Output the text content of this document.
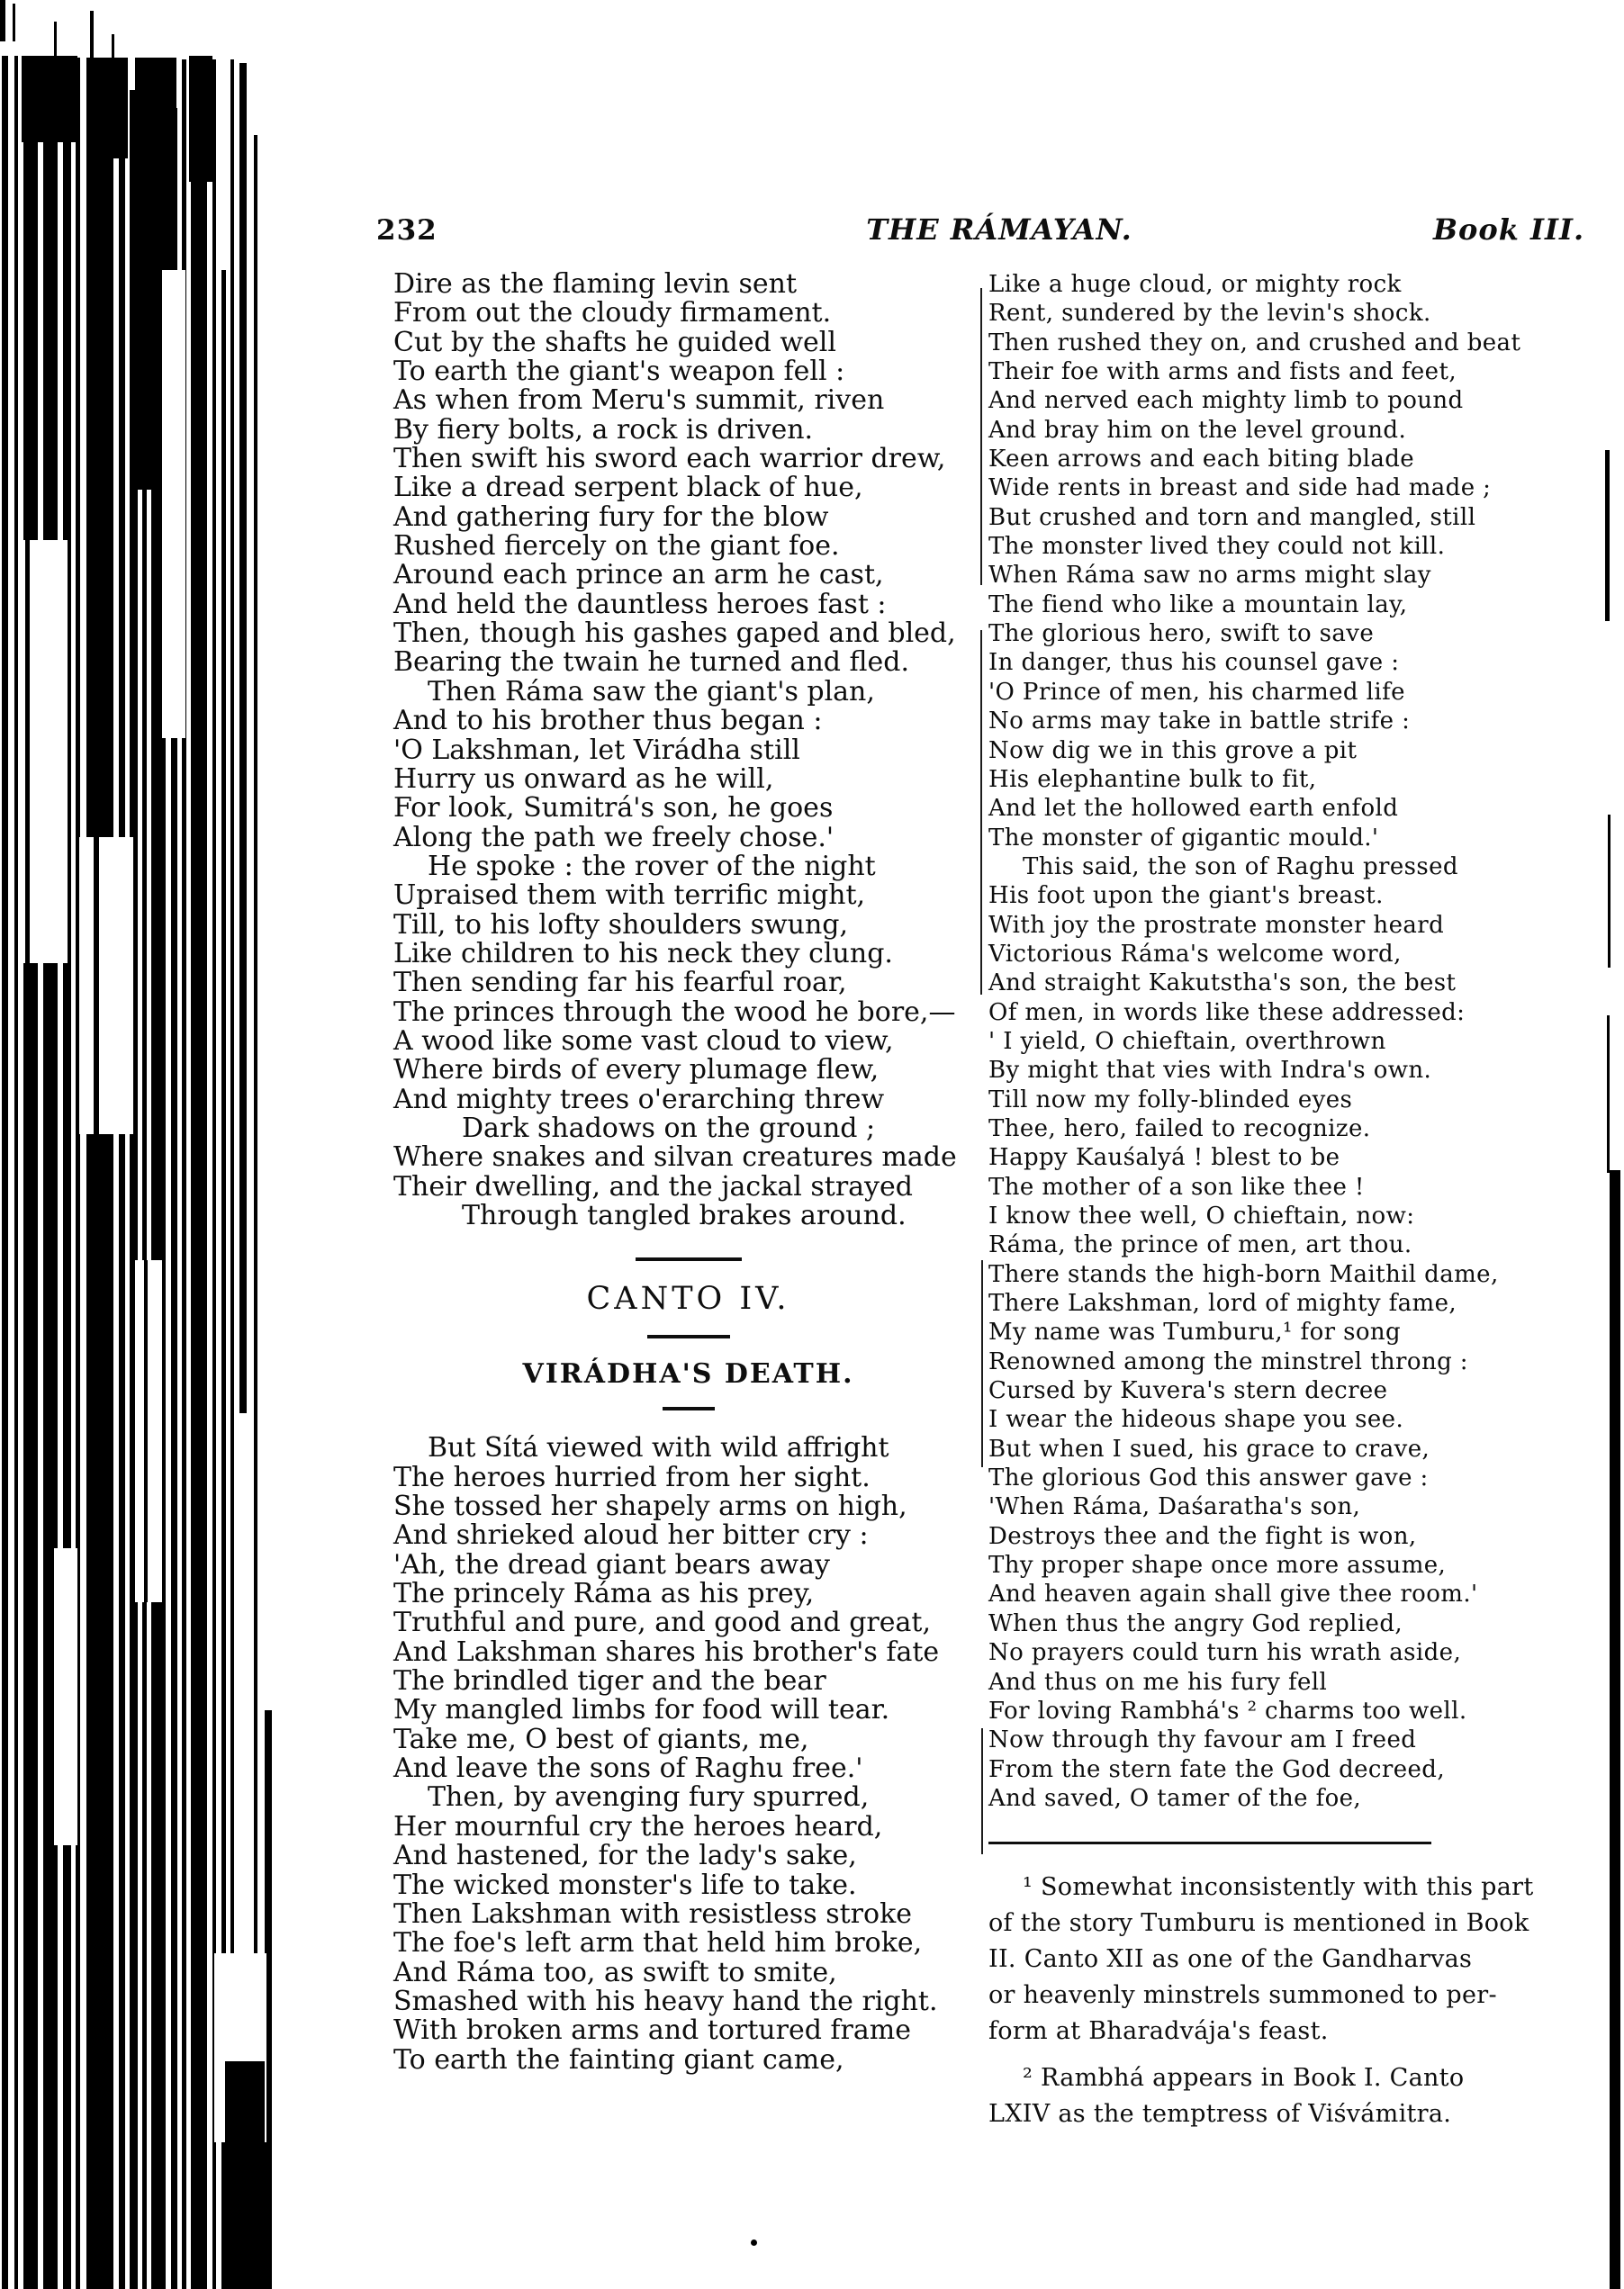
232	THE RÁMAYAN.	Book III.
Dire as the flaming levin sent
From out the cloudy firmament.
Cut by the shafts he guided well
To earth the giant's weapon fell :
As when from Meru's summit, riven
By fiery bolts, a rock is driven.
Then swift his sword each warrior drew,
Like a dread serpent black of hue,
And gathering fury for the blow
Rushed fiercely on the giant foe.
Around each prince an arm he cast,
And held the dauntless heroes fast :
Then, though his gashes gaped and bled,
Bearing the twain he turned and fled.
Then Ráma saw the giant's plan,
And to his brother thus began :
'O Lakshman, let Virádha still
Hurry us onward as he will,
For look, Sumitrá's son, he goes
Along the path we freely chose.'
He spoke : the rover of the night
Upraised them with terrific might,
Till, to his lofty shoulders swung,
Like children to his neck they clung.
Then sending far his fearful roar,
The princes through the wood he bore,—
A wood like some vast cloud to view,
Where birds of every plumage flew,
And mighty trees o'erarching threw
Dark shadows on the ground ;
Where snakes and silvan creatures made
Their dwelling, and the jackal strayed
Through tangled brakes around.
CANTO IV.
VIRÁDHA'S DEATH.
But Sítá viewed with wild affright
The heroes hurried from her sight.
She tossed her shapely arms on high,
And shrieked aloud her bitter cry :
'Ah, the dread giant bears away
The princely Ráma as his prey,
Truthful and pure, and good and great,
And Lakshman shares his brother's fate
The brindled tiger and the bear
My mangled limbs for food will tear.
Take me, O best of giants, me,
And leave the sons of Raghu free.'
Then, by avenging fury spurred,
Her mournful cry the heroes heard,
And hastened, for the lady's sake,
The wicked monster's life to take.
Then Lakshman with resistless stroke
The foe's left arm that held him broke,
And Ráma too, as swift to smite,
Smashed with his heavy hand the right.
With broken arms and tortured frame
To earth the fainting giant came,
Like a huge cloud, or mighty rock
Rent, sundered by the levin's shock.
Then rushed they on, and crushed and beat
Their foe with arms and fists and feet,
And nerved each mighty limb to pound
And bray him on the level ground.
Keen arrows and each biting blade
Wide rents in breast and side had made ;
But crushed and torn and mangled, still
The monster lived they could not kill.
When Ráma saw no arms might slay
The fiend who like a mountain lay,
The glorious hero, swift to save
In danger, thus his counsel gave :
'O Prince of men, his charmed life
No arms may take in battle strife :
Now dig we in this grove a pit
His elephantine bulk to fit,
And let the hollowed earth enfold
The monster of gigantic mould.'
This said, the son of Raghu pressed
His foot upon the giant's breast.
With joy the prostrate monster heard
Victorious Ráma's welcome word,
And straight Kakutstha's son, the best
Of men, in words like these addressed:
' I yield, O chieftain, overthrown
By might that vies with Indra's own.
Till now my folly-blinded eyes
Thee, hero, failed to recognize.
Happy Kauśalyá ! blest to be
The mother of a son like thee !
I know thee well, O chieftain, now:
Ráma, the prince of men, art thou.
There stands the high-born Maithil dame,
There Lakshman, lord of mighty fame,
My name was Tumburu,¹ for song
Renowned among the minstrel throng :
Cursed by Kuvera's stern decree
I wear the hideous shape you see.
But when I sued, his grace to crave,
The glorious God this answer gave :
'When Ráma, Daśaratha's son,
Destroys thee and the fight is won,
Thy proper shape once more assume,
And heaven again shall give thee room.'
When thus the angry God replied,
No prayers could turn his wrath aside,
And thus on me his fury fell
For loving Rambhá's ² charms too well.
Now through thy favour am I freed
From the stern fate the God decreed,
And saved, O tamer of the foe,
¹ Somewhat inconsistently with this part
of the story Tumburu is mentioned in Book
II. Canto XII as one of the Gandharvas
or heavenly minstrels summoned to per-
form at Bharadvája's feast.
² Rambhá appears in Book I. Canto
LXIV as the temptress of Viśvámitra.
